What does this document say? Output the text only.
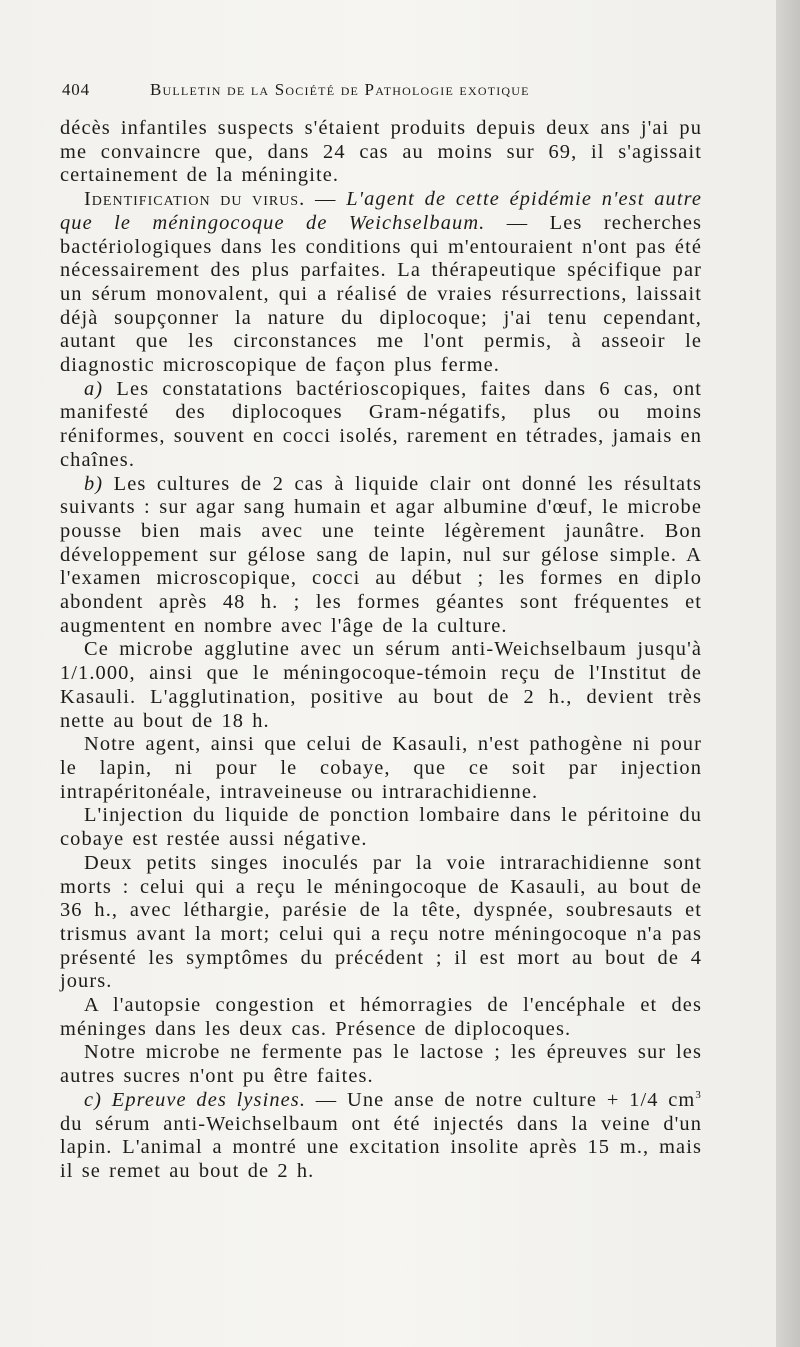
404	Bulletin de la Société de Pathologie exotique

décès infantiles suspects s'étaient produits depuis deux ans j'ai pu me convaincre que, dans 24 cas au moins sur 69, il s'agissait certainement de la méningite.

Identification du virus. — L'agent de cette épidémie n'est autre que le méningocoque de Weichselbaum. — Les recherches bactériologiques dans les conditions qui m'entouraient n'ont pas été nécessairement des plus parfaites. La thérapeutique spécifique par un sérum monovalent, qui a réalisé de vraies résurrections, laissait déjà soupçonner la nature du diplocoque; j'ai tenu cependant, autant que les circonstances me l'ont permis, à asseoir le diagnostic microscopique de façon plus ferme.

a) Les constatations bactérioscopiques, faites dans 6 cas, ont manifesté des diplocoques Gram-négatifs, plus ou moins réniformes, souvent en cocci isolés, rarement en tétrades, jamais en chaînes.

b) Les cultures de 2 cas à liquide clair ont donné les résultats suivants : sur agar sang humain et agar albumine d'œuf, le microbe pousse bien mais avec une teinte légèrement jaunâtre. Bon développement sur gélose sang de lapin, nul sur gélose simple. A l'examen microscopique, cocci au début ; les formes en diplo abondent après 48 h. ; les formes géantes sont fréquentes et augmentent en nombre avec l'âge de la culture.

Ce microbe agglutine avec un sérum anti-Weichselbaum jusqu'à 1/1.000, ainsi que le méningocoque-témoin reçu de l'Institut de Kasauli. L'agglutination, positive au bout de 2 h., devient très nette au bout de 18 h.

Notre agent, ainsi que celui de Kasauli, n'est pathogène ni pour le lapin, ni pour le cobaye, que ce soit par injection intrapéritonéale, intraveineuse ou intrarachidienne.

L'injection du liquide de ponction lombaire dans le péritoine du cobaye est restée aussi négative.

Deux petits singes inoculés par la voie intrarachidienne sont morts : celui qui a reçu le méningocoque de Kasauli, au bout de 36 h., avec léthargie, parésie de la tête, dyspnée, soubresauts et trismus avant la mort; celui qui a reçu notre méningocoque n'a pas présenté les symptômes du précédent ; il est mort au bout de 4 jours.

A l'autopsie congestion et hémorragies de l'encéphale et des méninges dans les deux cas. Présence de diplocoques.

Notre microbe ne fermente pas le lactose ; les épreuves sur les autres sucres n'ont pu être faites.

c) Epreuve des lysines. — Une anse de notre culture + 1/4 $cm^3$ du sérum anti-Weichselbaum ont été injectés dans la veine d'un lapin. L'animal a montré une excitation insolite après 15 m., mais il se remet au bout de 2 h.
